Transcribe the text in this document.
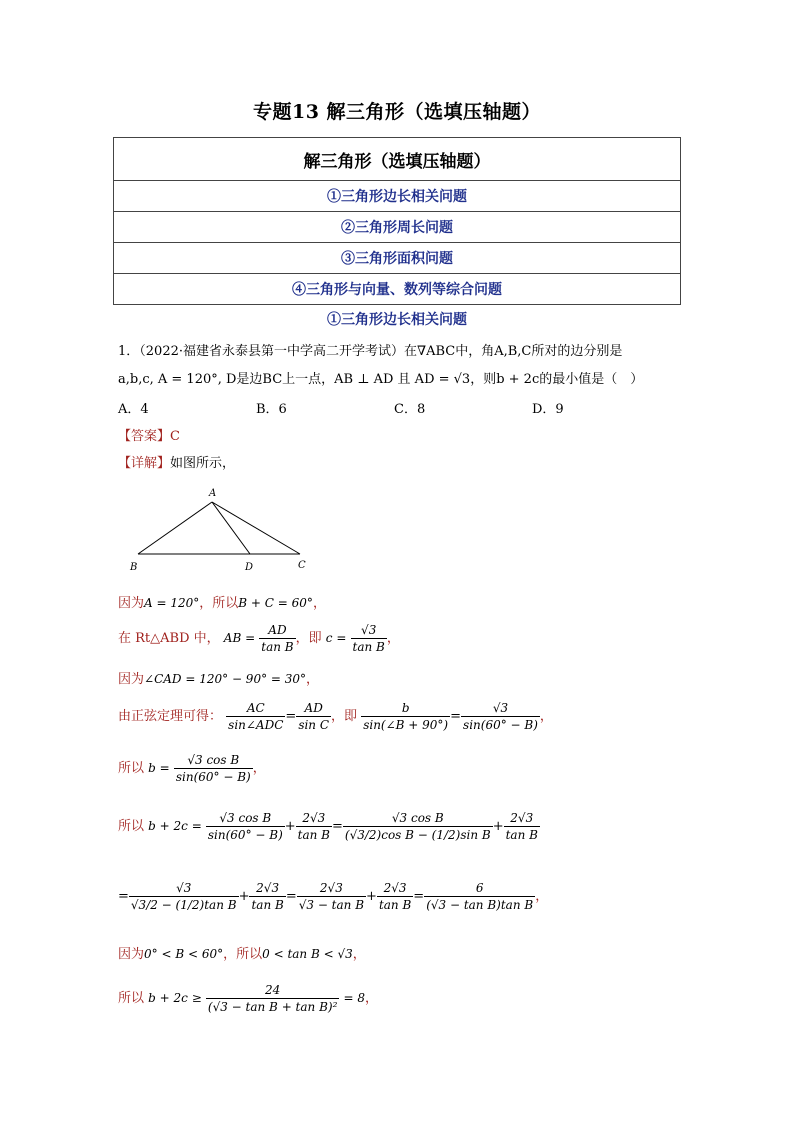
专题13 解三角形（选填压轴题）
解三角形（选填压轴题）
①三角形边长相关问题
②三角形周长问题
③三角形面积问题
④三角形与向量、数列等综合问题
①三角形边长相关问题
1．（2022·福建省永泰县第一中学高二开学考试）在∇ABC中，角A,B,C所对的边分别是
a,b,c, A = 120°, D是边BC上一点，AB ⊥ AD 且 AD = √3，则b + 2c的最小值是（　）
A．4	B．6	C．8	D．9
【答案】C
【详解】如图所示，
A
B	D	C
因为A = 120°，所以B + C = 60°，
在 Rt△ABD 中， AB = $\frac{AD}{\text{tan B}}$ ，即 $c = \frac{√3}{\text{tan B}}$ ，
因为∠CAD = 120° − 90° = 30°，
由正弦定理可得： $\frac{AC}{\text{sin∠ADC}} = \frac{AD}{\text{sin C}}$ ，即 $\frac{b}{\sin(\angle B + 90^\circ)} = \frac{√3}{\sin(60^\circ - B)}$ ，
所以 $b = \frac{\text{√3 cos B}}{\sin(60^\circ - B)}$ ，
所以 $b + 2c = \frac{\text{√3 cos B}}{\sin(60^\circ - B)} + \frac{2√3}{\text{tan B}} = \frac{\text{√3 cos B}}{\text{(√3/2)cos B − (1/2)sin B}} + \frac{2√3}{\text{tan B}}$
= $\frac{√3}{\text{√3/2 − (1/2)tan B}} + \frac{2√3}{\text{tan B}} = \frac{2√3}{\text{√3 − tan B}} + \frac{2√3}{\text{tan B}} = \frac{6}{\text{(√3 − tan B)tan B}}$ ，
因为0° < B < 60°，所以0 < tan B < √3，
所以 $b + 2c \ge \frac{24}{\text{(√3 − tan B + tan B)²}} = 8$，
